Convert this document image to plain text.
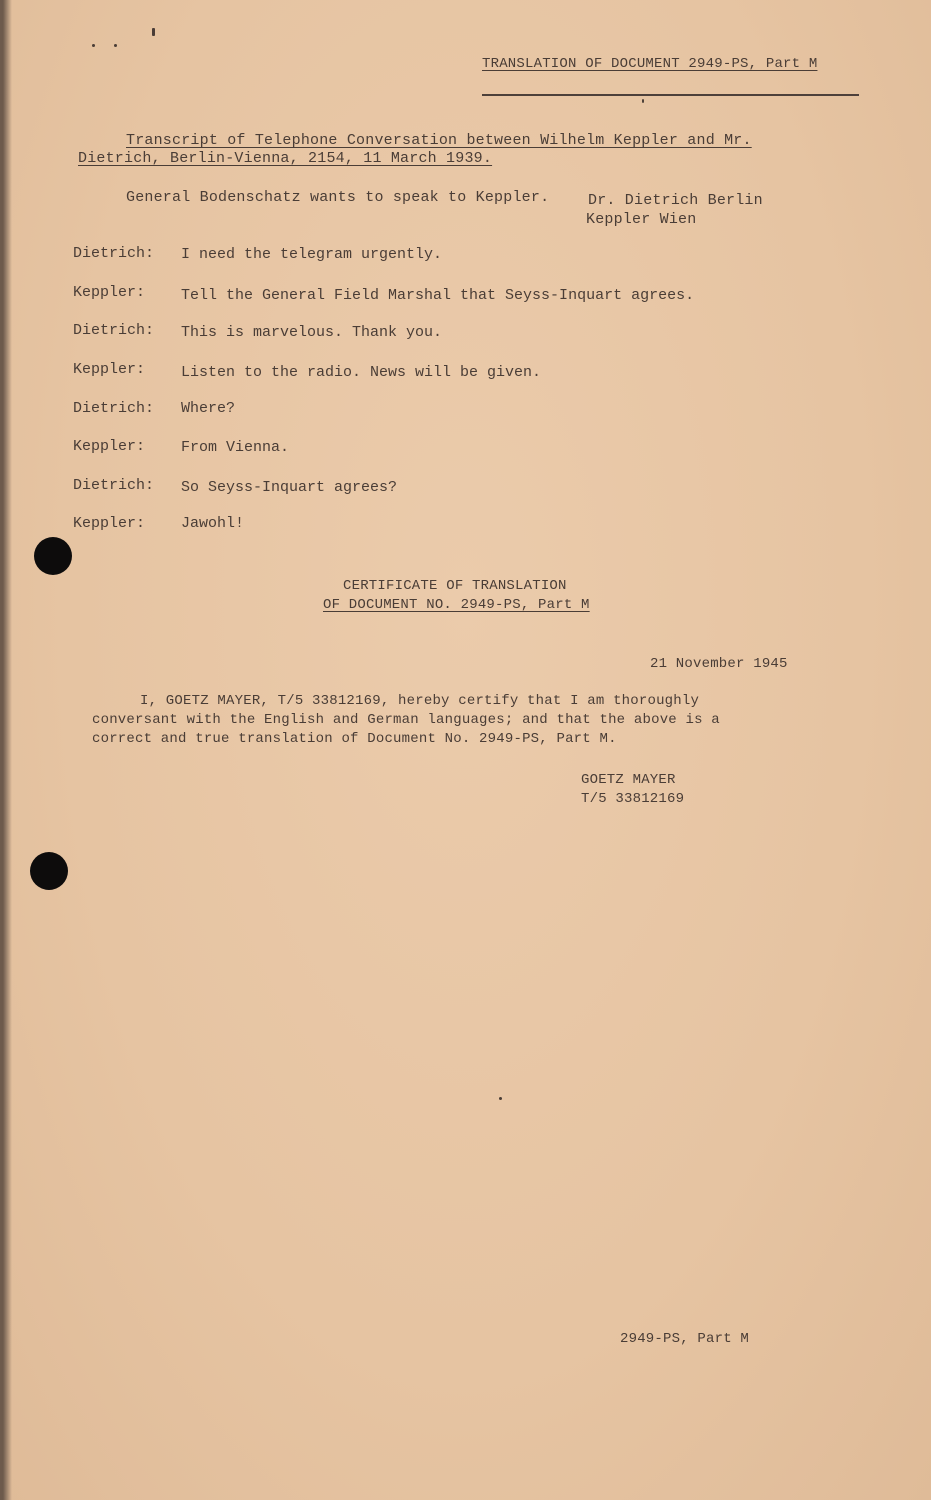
TRANSLATION OF DOCUMENT 2949-PS, Part M
Transcript of Telephone Conversation between Wilhelm Keppler and Mr.
Dietrich, Berlin-Vienna, 2154, 11 March 1939.
General Bodenschatz wants to speak to Keppler.	Dr. Dietrich Berlin
Keppler Wien
Dietrich:	I need the telegram urgently.
Keppler:	Tell the General Field Marshal that Seyss-Inquart agrees.
Dietrich:	This is marvelous. Thank you.
Keppler:	Listen to the radio. News will be given.
Dietrich:	Where?
Keppler:	From Vienna.
Dietrich:	So Seyss-Inquart agrees?
Keppler:	Jawohl!
CERTIFICATE OF TRANSLATION
OF DOCUMENT NO. 2949-PS, Part M
21 November 1945
I, GOETZ MAYER, T/5 33812169, hereby certify that I am thoroughly
conversant with the English and German languages; and that the above is a
correct and true translation of Document No. 2949-PS, Part M.
GOETZ MAYER
T/5 33812169
2949-PS, Part M
